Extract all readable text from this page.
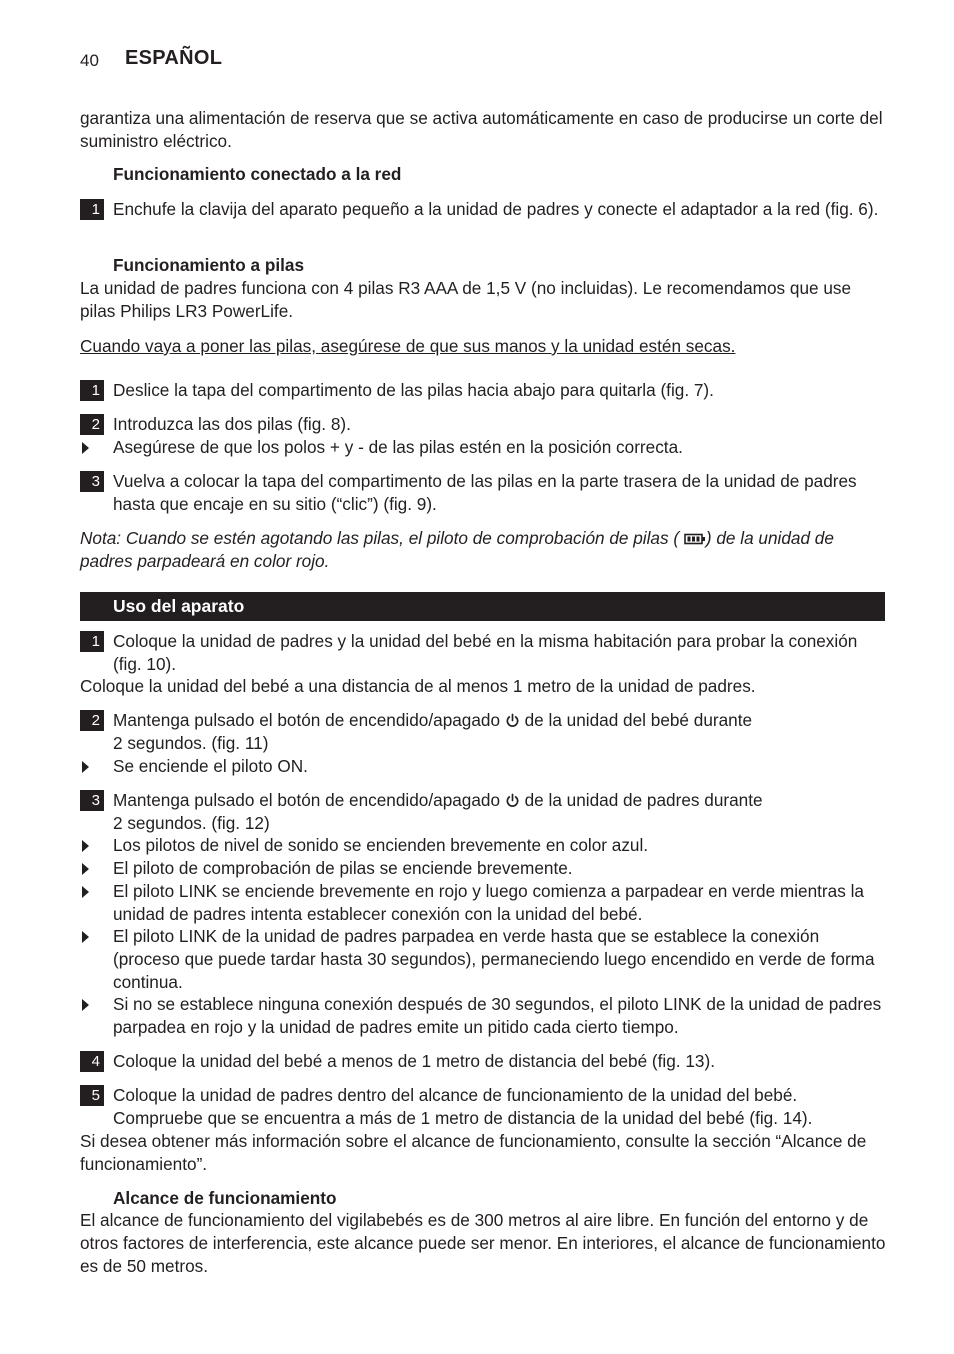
40 ESPAÑOL

garantiza una alimentación de reserva que se activa automáticamente en caso de producirse un corte del suministro eléctrico.

Funcionamiento conectado a la red
1 Enchufe la clavija del aparato pequeño a la unidad de padres y conecte el adaptador a la red (fig. 6).
Funcionamiento a pilas

La unidad de padres funciona con 4 pilas R3 AAA de 1,5 V (no incluidas). Le recomendamos que use pilas Philips LR3 PowerLife.

Cuando vaya a poner las pilas, asegúrese de que sus manos y la unidad estén secas.

1 Deslice la tapa del compartimento de las pilas hacia abajo para quitarla (fig. 7).
2 Introduzca las dos pilas (fig. 8).
Asegúrese de que los polos + y - de las pilas estén en la posición correcta.
3 Vuelva a colocar la tapa del compartimento de las pilas en la parte trasera de la unidad de padres hasta que encaje en su sitio (“clic”) (fig. 9).

Nota: Cuando se estén agotando las pilas, el piloto de comprobación de pilas ( ) de la unidad de padres parpadeará en color rojo.

Uso del aparato
1 Coloque la unidad de padres y la unidad del bebé en la misma habitación para probar la conexión (fig. 10).

Coloque la unidad del bebé a una distancia de al menos 1 metro de la unidad de padres.

2 Mantenga pulsado el botón de encendido/apagado de la unidad del bebé durante
2 segundos. (fig. 11)
Se enciende el piloto ON.
3 Mantenga pulsado el botón de encendido/apagado de la unidad de padres durante
2 segundos. (fig. 12)
Los pilotos de nivel de sonido se encienden brevemente en color azul.
El piloto de comprobación de pilas se enciende brevemente.
El piloto LINK se enciende brevemente en rojo y luego comienza a parpadear en verde mientras la unidad de padres intenta establecer conexión con la unidad del bebé.
El piloto LINK de la unidad de padres parpadea en verde hasta que se establece la conexión (proceso que puede tardar hasta 30 segundos), permaneciendo luego encendido en verde de forma continua.
Si no se establece ninguna conexión después de 30 segundos, el piloto LINK de la unidad de padres parpadea en rojo y la unidad de padres emite un pitido cada cierto tiempo.
4 Coloque la unidad del bebé a menos de 1 metro de distancia del bebé (fig. 13).
5 Coloque la unidad de padres dentro del alcance de funcionamiento de la unidad del bebé. Compruebe que se encuentra a más de 1 metro de distancia de la unidad del bebé (fig. 14).

Si desea obtener más información sobre el alcance de funcionamiento, consulte la sección “Alcance de funcionamiento”.

Alcance de funcionamiento

El alcance de funcionamiento del vigilabebés es de 300 metros al aire libre. En función del entorno y de otros factores de interferencia, este alcance puede ser menor. En interiores, el alcance de funcionamiento es de 50 metros.
